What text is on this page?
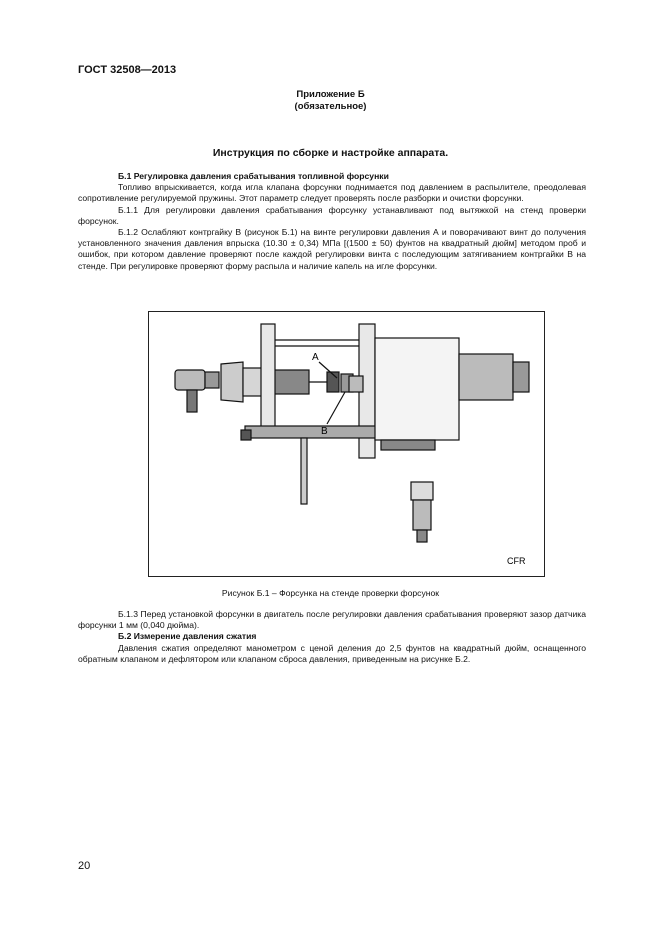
ГОСТ 32508—2013
Приложение Б
(обязательное)
Инструкция по сборке и настройке аппарата.

Б.1 Регулировка давления срабатывания топливной форсунки

Топливо впрыскивается, когда игла клапана форсунки поднимается под давлением в распылителе, преодолевая сопротивление регулируемой пружины. Этот параметр следует проверять после разборки и очистки форсунки.

Б.1.1 Для регулировки давления срабатывания форсунку устанавливают под вытяжкой на стенд проверки форсунок.

Б.1.2 Ослабляют контргайку В (рисунок Б.1) на винте регулировки давления А и поворачивают винт до получения установленного значения давления впрыска (10.30 ± 0,34) МПа [(1500 ± 50) фунтов на квадратный дюйм] методом проб и ошибок, при котором давление проверяют после каждой регулировки винта с последующим затягиванием контргайки В на стенде. При регулировке проверяют форму распыла и наличие капель на игле форсунки.

A
B
CFR
Рисунок Б.1 – Форсунка на стенде проверки форсунок

Б.1.3 Перед установкой форсунки в двигатель после регулировки давления срабатывания проверяют зазор датчика форсунки 1 мм (0,040 дюйма).

Б.2 Измерение давления сжатия

Давления сжатия определяют манометром с ценой деления до 2,5 фунтов на квадратный дюйм, оснащенного обратным клапаном и дефлятором или клапаном сброса давления, приведенным на рисунке Б.2.

20
